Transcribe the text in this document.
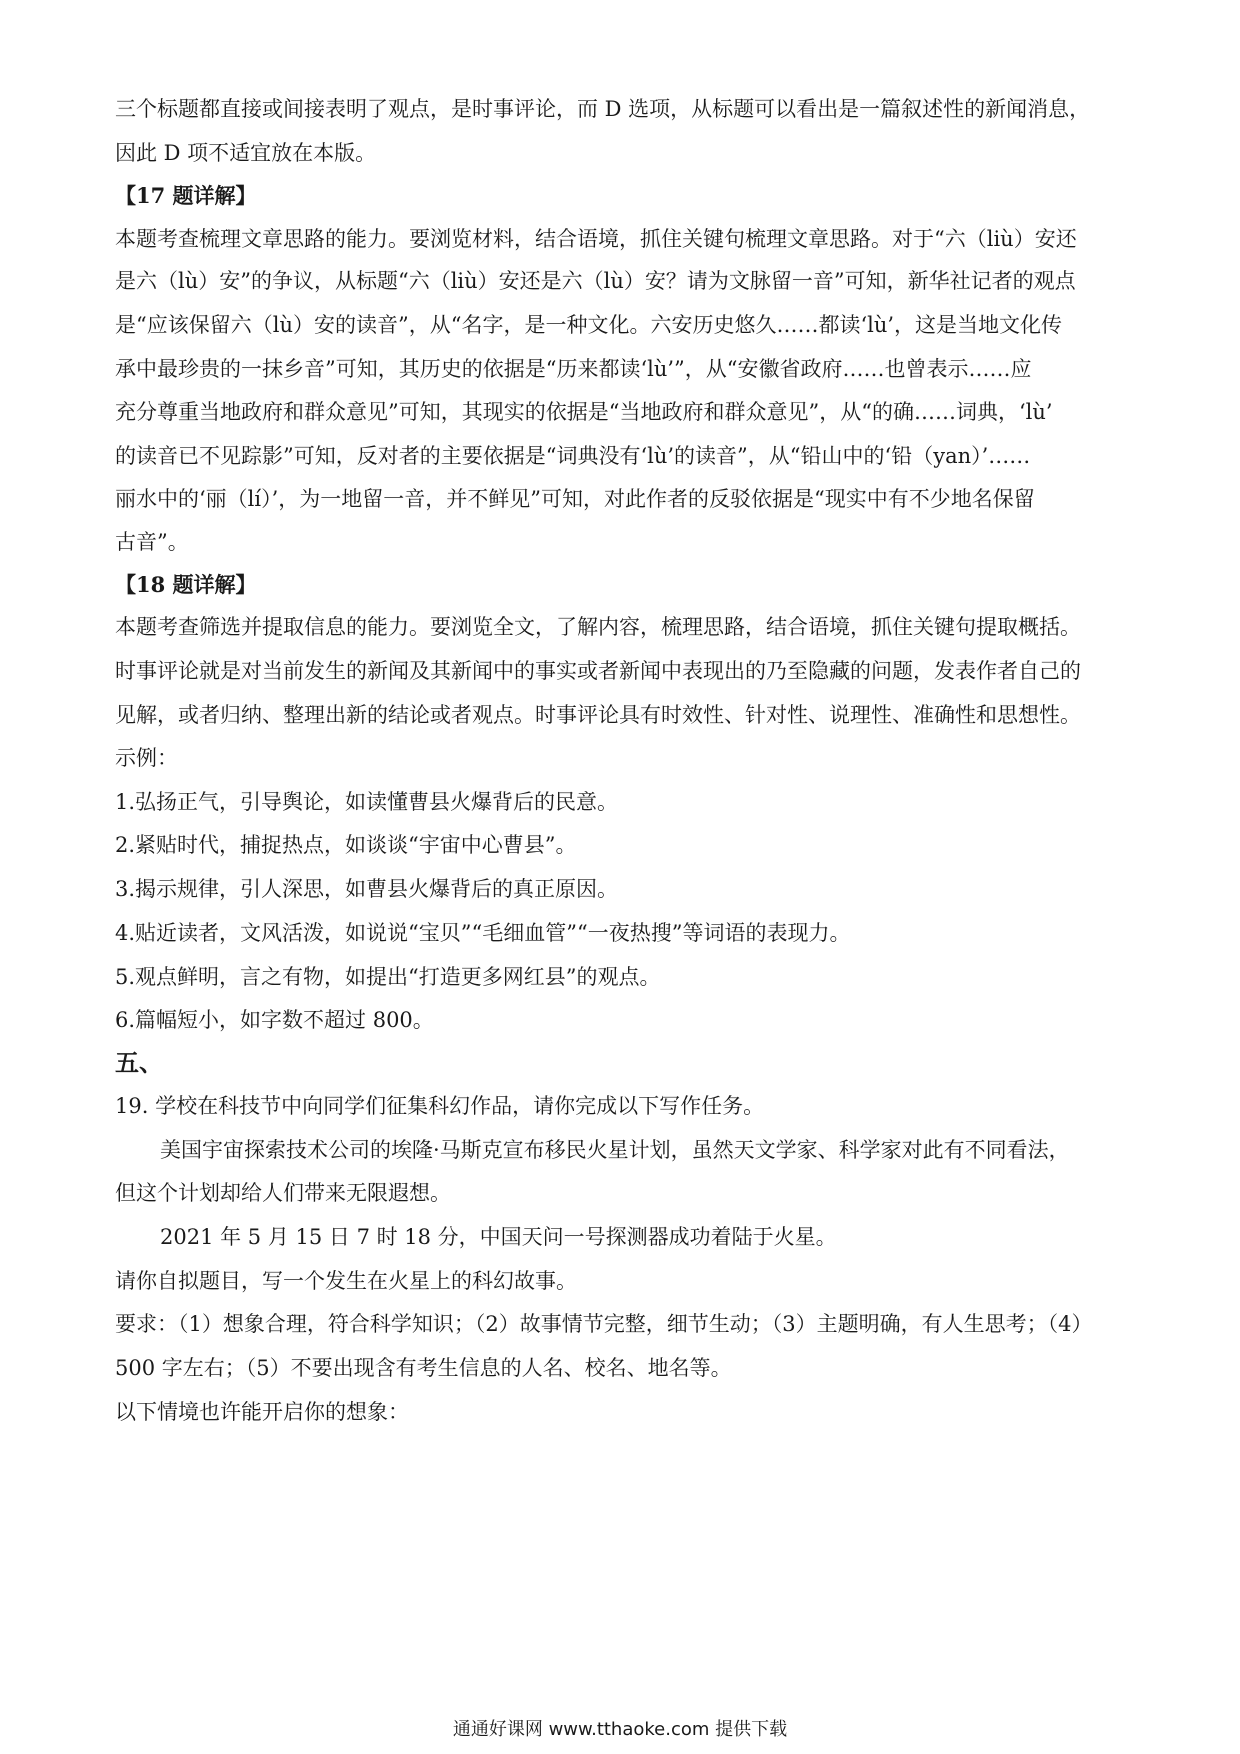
三个标题都直接或间接表明了观点，是时事评论，而 D 选项，从标题可以看出是一篇叙述性的新闻消息，
因此 D 项不适宜放在本版。
【17 题详解】
本题考查梳理文章思路的能力。要浏览材料，结合语境，抓住关键句梳理文章思路。对于“六（liù）安还
是六（lù）安”的争议，从标题“六（liù）安还是六（lù）安？请为文脉留一音”可知，新华社记者的观点
是“应该保留六（lù）安的读音”，从“名字，是一种文化。六安历史悠久……都读‘lù’，这是当地文化传
承中最珍贵的一抹乡音”可知，其历史的依据是“历来都读‘lù’”，从“安徽省政府……也曾表示……应
充分尊重当地政府和群众意见”可知，其现实的依据是“当地政府和群众意见”，从“的确……词典，‘lù’
的读音已不见踪影”可知，反对者的主要依据是“词典没有‘lù’的读音”，从“铅山中的‘铅（yan）’……
丽水中的‘丽（lí）’，为一地留一音，并不鲜见”可知，对此作者的反驳依据是“现实中有不少地名保留
古音”。
【18 题详解】
本题考查筛选并提取信息的能力。要浏览全文，了解内容，梳理思路，结合语境，抓住关键句提取概括。
时事评论就是对当前发生的新闻及其新闻中的事实或者新闻中表现出的乃至隐藏的问题，发表作者自己的
见解，或者归纳、整理出新的结论或者观点。时事评论具有时效性、针对性、说理性、准确性和思想性。
示例：
1.弘扬正气，引导舆论，如读懂曹县火爆背后的民意。
2.紧贴时代，捕捉热点，如谈谈“宇宙中心曹县”。
3.揭示规律，引人深思，如曹县火爆背后的真正原因。
4.贴近读者，文风活泼，如说说“宝贝”“毛细血管”“一夜热搜”等词语的表现力。
5.观点鲜明，言之有物，如提出“打造更多网红县”的观点。
6.篇幅短小，如字数不超过 800。
五、
19. 学校在科技节中向同学们征集科幻作品，请你完成以下写作任务。
美国宇宙探索技术公司的埃隆·马斯克宣布移民火星计划，虽然天文学家、科学家对此有不同看法，
但这个计划却给人们带来无限遐想。
2021 年 5 月 15 日 7 时 18 分，中国天问一号探测器成功着陆于火星。
请你自拟题目，写一个发生在火星上的科幻故事。
要求：（1）想象合理，符合科学知识；（2）故事情节完整，细节生动；（3）主题明确，有人生思考；（4）
500 字左右；（5）不要出现含有考生信息的人名、校名、地名等。
以下情境也许能开启你的想象：
通通好课网 www.tthaoke.com 提供下载
